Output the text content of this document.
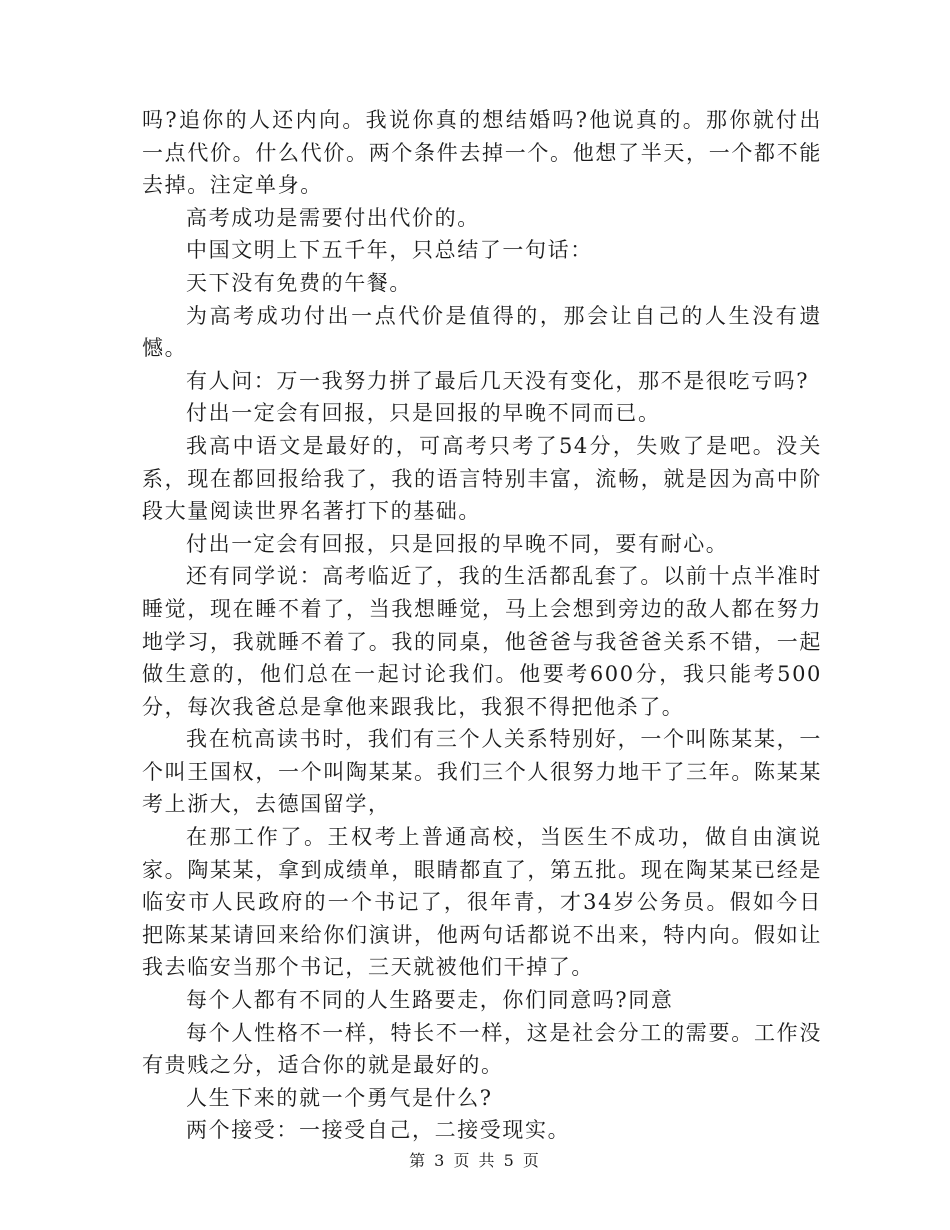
吗?追你的人还内向。我说你真的想结婚吗?他说真的。那你就付出一点代价。什么代价。两个条件去掉一个。他想了半天，一个都不能去掉。注定单身。

高考成功是需要付出代价的。

中国文明上下五千年，只总结了一句话：

天下没有免费的午餐。

为高考成功付出一点代价是值得的，那会让自己的人生没有遗憾。

有人问：万一我努力拼了最后几天没有变化，那不是很吃亏吗?

付出一定会有回报，只是回报的早晚不同而已。

我高中语文是最好的，可高考只考了54分，失败了是吧。没关系，现在都回报给我了，我的语言特别丰富，流畅，就是因为高中阶段大量阅读世界名著打下的基础。

付出一定会有回报，只是回报的早晚不同，要有耐心。

还有同学说：高考临近了，我的生活都乱套了。以前十点半准时睡觉，现在睡不着了，当我想睡觉，马上会想到旁边的敌人都在努力地学习，我就睡不着了。我的同桌，他爸爸与我爸爸关系不错，一起做生意的，他们总在一起讨论我们。他要考600分，我只能考500分，每次我爸总是拿他来跟我比，我狠不得把他杀了。

我在杭高读书时，我们有三个人关系特别好，一个叫陈某某，一个叫王国权，一个叫陶某某。我们三个人很努力地干了三年。陈某某考上浙大，去德国留学，

在那工作了。王权考上普通高校，当医生不成功，做自由演说家。陶某某，拿到成绩单，眼睛都直了，第五批。现在陶某某已经是临安市人民政府的一个书记了，很年青，才34岁公务员。假如今日把陈某某请回来给你们演讲，他两句话都说不出来，特内向。假如让我去临安当那个书记，三天就被他们干掉了。

每个人都有不同的人生路要走，你们同意吗?同意

每个人性格不一样，特长不一样，这是社会分工的需要。工作没有贵贱之分，适合你的就是最好的。

人生下来的就一个勇气是什么?

两个接受：一接受自己，二接受现实。

第 3 页 共 5 页
